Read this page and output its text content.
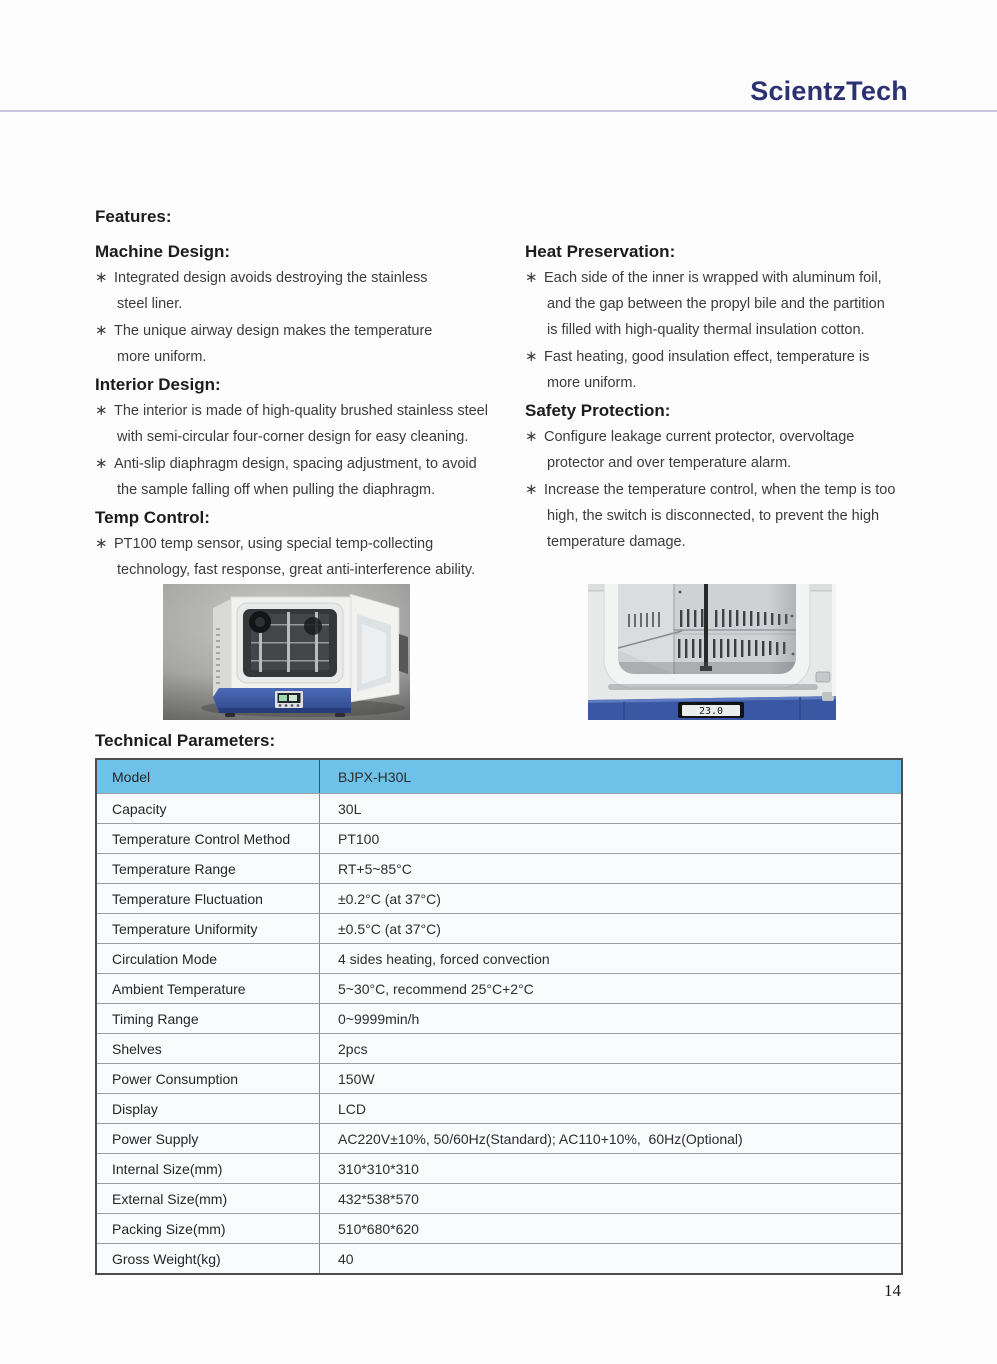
ScientzTech
Features:
Machine Design:
∗ Integrated design avoids destroying the stainless
steel liner.
∗ The unique airway design makes the temperature
more uniform.
Interior Design:
∗ The interior is made of high-quality brushed stainless steel
with semi-circular four-corner design for easy cleaning.
∗ Anti-slip diaphragm design, spacing adjustment, to avoid
the sample falling off when pulling the diaphragm.
Temp Control:
∗ PT100 temp sensor, using special temp-collecting
technology, fast response, great anti-interference ability.
Heat Preservation:
∗ Each side of the inner is wrapped with aluminum foil,
and the gap between the propyl bile and the partition
is filled with high-quality thermal insulation cotton.
∗ Fast heating, good insulation effect, temperature is
more uniform.
Safety Protection:
∗ Configure leakage current protector, overvoltage
protector and over temperature alarm.
∗ Increase the temperature control, when the temp is too
high, the switch is disconnected, to prevent the high
temperature damage.
23.0
Technical Parameters:
Model	BJPX-H30L
Capacity	30L
Temperature Control Method	PT100
Temperature Range	RT+5~85°C
Temperature Fluctuation	±0.2°C (at 37°C)
Temperature Uniformity	±0.5°C (at 37°C)
Circulation Mode	4 sides heating, forced convection
Ambient Temperature	5~30°C, recommend 25°C+2°C
Timing Range	0~9999min/h
Shelves	2pcs
Power Consumption	150W
Display	LCD
Power Supply	AC220V±10%, 50/60Hz(Standard); AC110+10%,  60Hz(Optional)
Internal Size(mm)	310*310*310
External Size(mm)	432*538*570
Packing Size(mm)	510*680*620
Gross Weight(kg)	40
14
